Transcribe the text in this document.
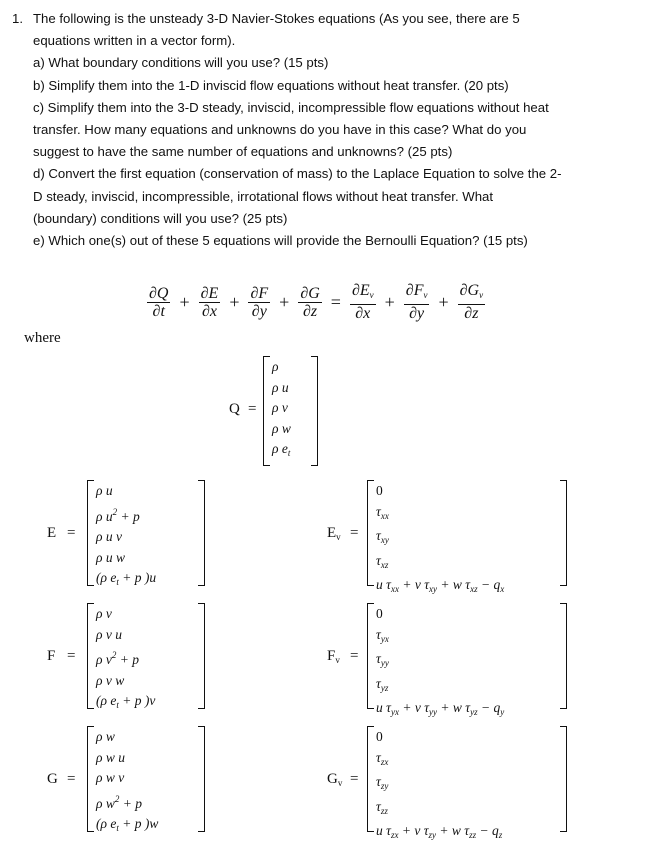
1. The following is the unsteady 3-D Navier-Stokes equations (As you see, there are 5
equations written in a vector form).
a) What boundary conditions will you use? (15 pts)
b) Simplify them into the 1-D inviscid flow equations without heat transfer. (20 pts)
c) Simplify them into the 3-D steady, inviscid, incompressible flow equations without heat
transfer. How many equations and unknowns do you have in this case? What do you
suggest to have the same number of equations and unknowns? (25 pts)
d) Convert the first equation (conservation of mass) to the Laplace Equation to solve the 2-
D steady, inviscid, incompressible, irrotational flows without heat transfer. What
(boundary) conditions will you use? (25 pts)
e) Which one(s) out of these 5 equations will provide the Bernoulli Equation? (15 pts)
$\frac{\partial Q}{\partial t} + \frac{\partial E}{\partial x} + \frac{\partial F}{\partial y} + \frac{\partial G}{\partial z} = \frac{\partial E_v}{\partial x} + \frac{\partial F_v}{\partial y} + \frac{\partial G_v}{\partial z}$
where
Q =
ρ
ρ u
ρ v
ρ w
ρ $e_t$
E =
ρ u
ρ $u^2 + p$
ρ u v
ρ u w
(ρ $e_t + p$ )u
F =
ρ v
ρ v u
ρ $v^2 + p$
ρ v w
(ρ $e_t + p$ )v
G =
ρ w
ρ w u
ρ w v
ρ $w^2 + p$
(ρ $e_t + p$ )w
$E_v$ =
0
$\tau_{xx}$
$\tau_{xy}$
$\tau_{xz}$
u $\tau_{xx} + v$ $\tau_{xy} + w$ $\tau_{xz} - q_x$
$F_v$ =
0
$\tau_{yx}$
$\tau_{yy}$
$\tau_{yz}$
u $\tau_{yx} + v$ $\tau_{yy} + w$ $\tau_{yz} - q_y$
$G_v$ =
0
$\tau_{zx}$
$\tau_{zy}$
$\tau_{zz}$
u $\tau_{zx} + v$ $\tau_{zy} + w$ $\tau_{zz} - q_z$
